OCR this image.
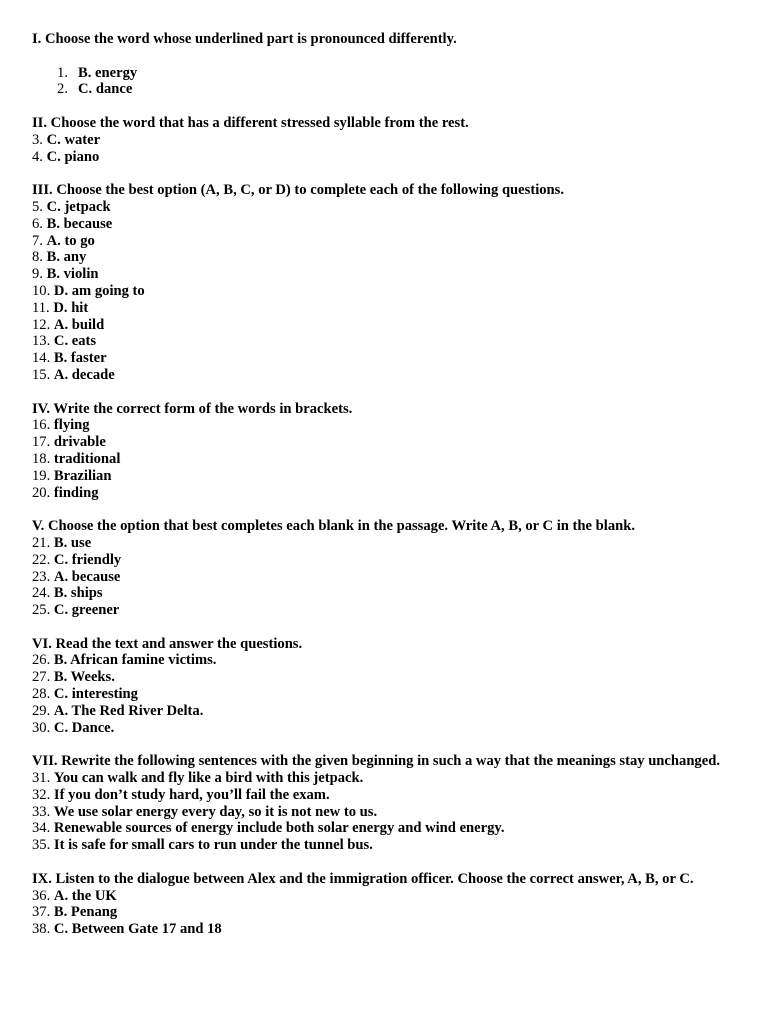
I. Choose the word whose underlined part is pronounced differently.

1. B. energy
2. C. dance

II. Choose the word that has a different stressed syllable from the rest.

3. C. water

4. C. piano

III. Choose the best option (A, B, C, or D) to complete each of the following questions.

5. C. jetpack

6. B. because

7. A. to go

8. B. any

9. B. violin

10. D. am going to

11. D. hit

12. A. build

13. C. eats

14. B. faster

15. A. decade

IV. Write the correct form of the words in brackets.

16. flying

17. drivable

18. traditional

19. Brazilian

20. finding

V. Choose the option that best completes each blank in the passage. Write A, B, or C in the blank.

21. B. use

22. C. friendly

23. A. because

24. B. ships

25. C. greener

VI. Read the text and answer the questions.

26. B. African famine victims.

27. B. Weeks.

28. C. interesting

29. A. The Red River Delta.

30. C. Dance.

VII. Rewrite the following sentences with the given beginning in such a way that the meanings stay unchanged.

31. You can walk and fly like a bird with this jetpack.

32. If you don’t study hard, you’ll fail the exam.

33. We use solar energy every day, so it is not new to us.

34. Renewable sources of energy include both solar energy and wind energy.

35. It is safe for small cars to run under the tunnel bus.

IX. Listen to the dialogue between Alex and the immigration officer. Choose the correct answer, A, B, or C.

36. A. the UK

37. B. Penang

38. C. Between Gate 17 and 18
